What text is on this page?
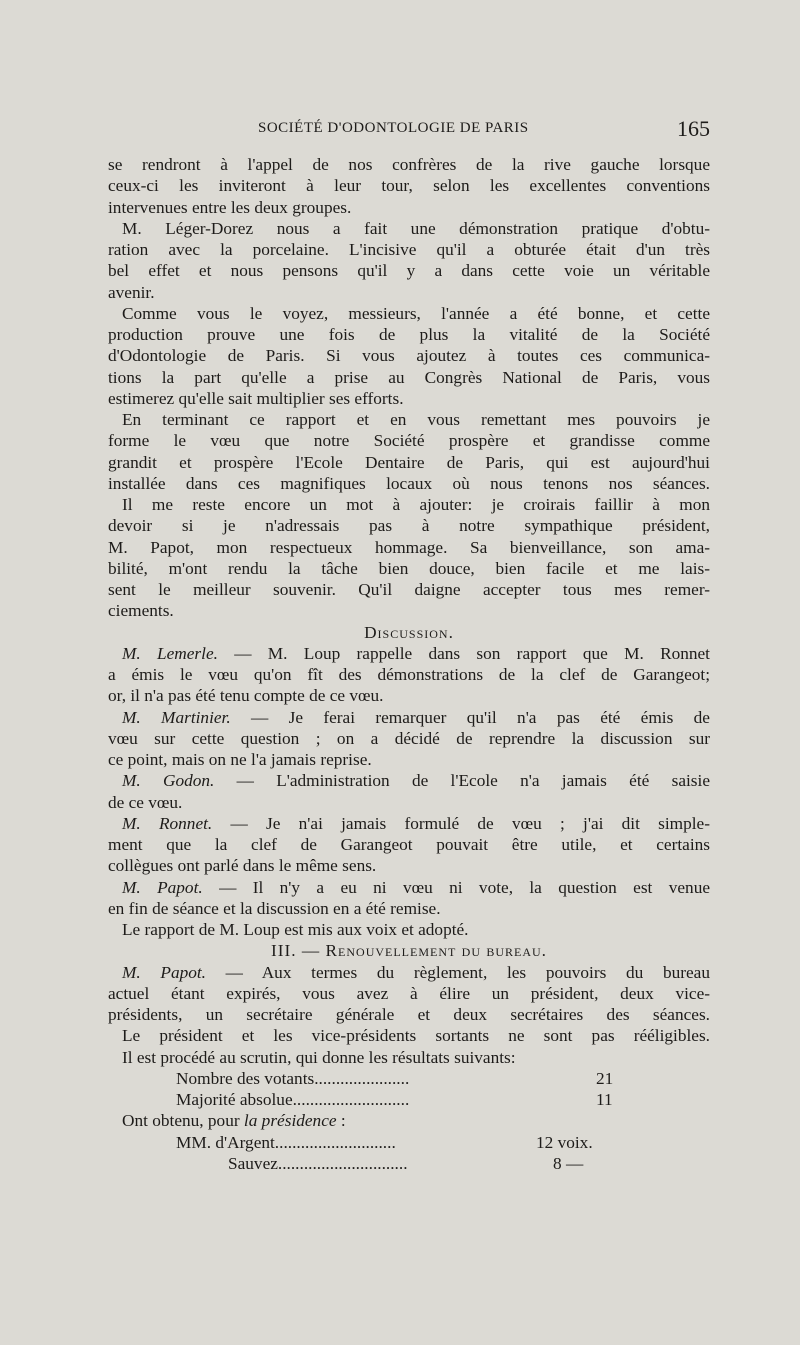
SOCIÉTÉ D'ODONTOLOGIE DE PARIS	165
se rendront à l'appel de nos confrères de la rive gauche lorsque
ceux-ci les inviteront à leur tour, selon les excellentes conventions
intervenues entre les deux groupes.
M. Léger-Dorez nous a fait une démonstration pratique d'obtu-
ration avec la porcelaine. L'incisive qu'il a obturée était d'un très
bel effet et nous pensons qu'il y a dans cette voie un véritable
avenir.
Comme vous le voyez, messieurs, l'année a été bonne, et cette
production prouve une fois de plus la vitalité de la Société
d'Odontologie de Paris. Si vous ajoutez à toutes ces communica-
tions la part qu'elle a prise au Congrès National de Paris, vous
estimerez qu'elle sait multiplier ses efforts.
En terminant ce rapport et en vous remettant mes pouvoirs je
forme le vœu que notre Société prospère et grandisse comme
grandit et prospère l'Ecole Dentaire de Paris, qui est aujourd'hui
installée dans ces magnifiques locaux où nous tenons nos séances.
Il me reste encore un mot à ajouter: je croirais faillir à mon
devoir si je n'adressais pas à notre sympathique président,
M. Papot, mon respectueux hommage. Sa bienveillance, son ama-
bilité, m'ont rendu la tâche bien douce, bien facile et me lais-
sent le meilleur souvenir. Qu'il daigne accepter tous mes remer-
ciements.
Discussion.
M. Lemerle. — M. Loup rappelle dans son rapport que M. Ronnet
a émis le vœu qu'on fît des démonstrations de la clef de Garangeot;
or, il n'a pas été tenu compte de ce vœu.
M. Martinier. — Je ferai remarquer qu'il n'a pas été émis de
vœu sur cette question ; on a décidé de reprendre la discussion sur
ce point, mais on ne l'a jamais reprise.
M. Godon. — L'administration de l'Ecole n'a jamais été saisie
de ce vœu.
M. Ronnet. — Je n'ai jamais formulé de vœu ; j'ai dit simple-
ment que la clef de Garangeot pouvait être utile, et certains
collègues ont parlé dans le même sens.
M. Papot. — Il n'y a eu ni vœu ni vote, la question est venue
en fin de séance et la discussion en a été remise.
Le rapport de M. Loup est mis aux voix et adopté.
III. — Renouvellement du bureau.
M. Papot. — Aux termes du règlement, les pouvoirs du bureau
actuel étant expirés, vous avez à élire un président, deux vice-
présidents, un secrétaire générale et deux secrétaires des séances.
Le président et les vice-présidents sortants ne sont pas rééligibles.
Il est procédé au scrutin, qui donne les résultats suivants:
Nombre des votants......................	21
Majorité absolue...........................	11
Ont obtenu, pour la présidence :
MM. d'Argent............................	12 voix.
Sauvez..............................	8 —
